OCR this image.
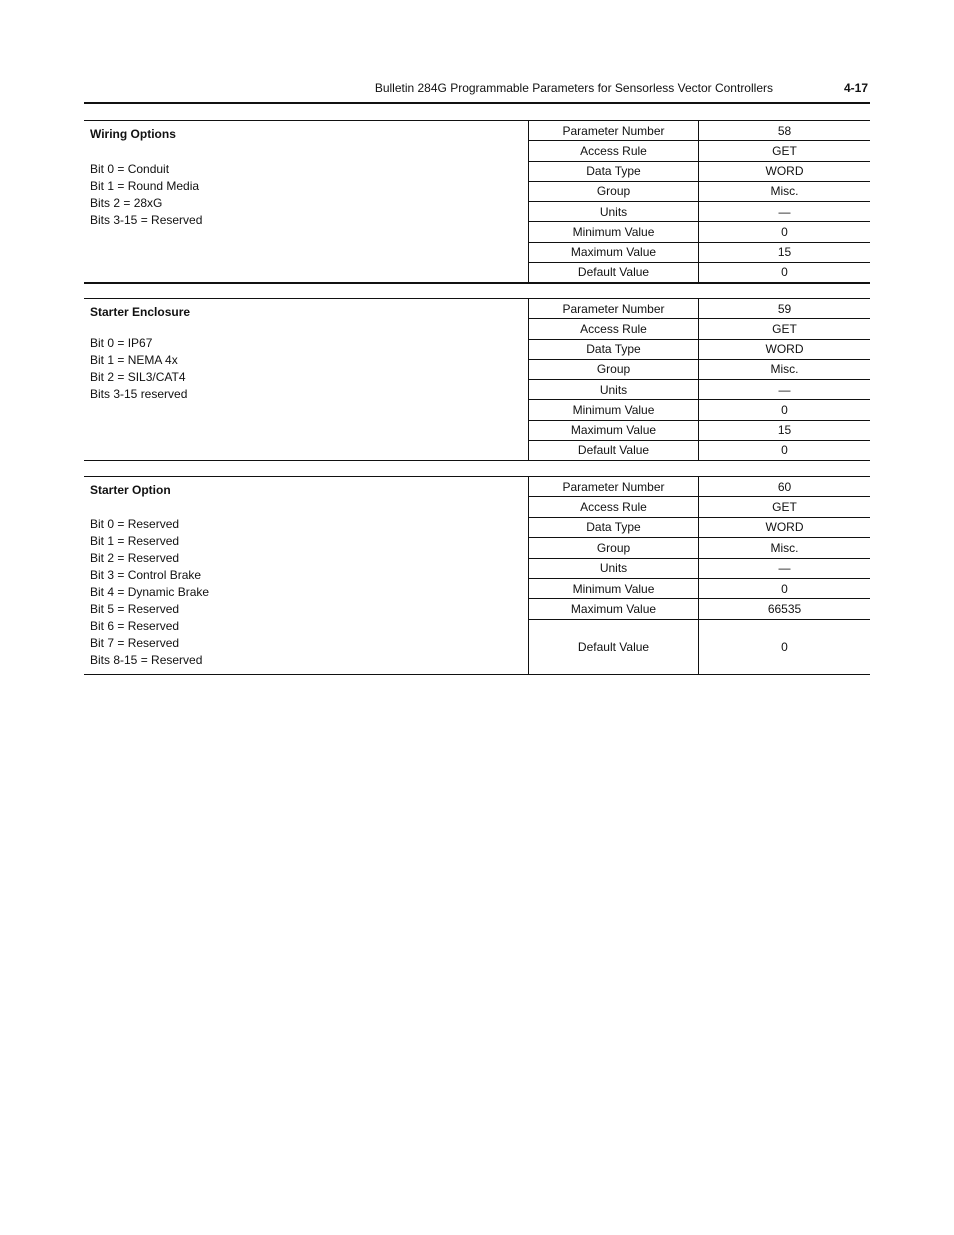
Bulletin 284G Programmable Parameters for Sensorless Vector Controllers	4-17
Wiring Options
Bit 0 = Conduit
Bit 1 = Round Media
Bits 2 = 28xG
Bits 3-15 = Reserved
Parameter Number	58
Access Rule	GET
Data Type	WORD
Group	Misc.
Units	—
Minimum Value	0
Maximum Value	15
Default Value	0
Starter Enclosure
Bit 0 = IP67
Bit 1 = NEMA 4x
Bit 2 = SIL3/CAT4
Bits 3-15 reserved
Parameter Number	59
Access Rule	GET
Data Type	WORD
Group	Misc.
Units	—
Minimum Value	0
Maximum Value	15
Default Value	0
Starter Option
Bit 0 = Reserved
Bit 1 = Reserved
Bit 2 = Reserved
Bit 3 = Control Brake
Bit 4 = Dynamic Brake
Bit 5 = Reserved
Bit 6 = Reserved
Bit 7 = Reserved
Bits 8-15 = Reserved
Parameter Number	60
Access Rule	GET
Data Type	WORD
Group	Misc.
Units	—
Minimum Value	0
Maximum Value	66535
Default Value	0
